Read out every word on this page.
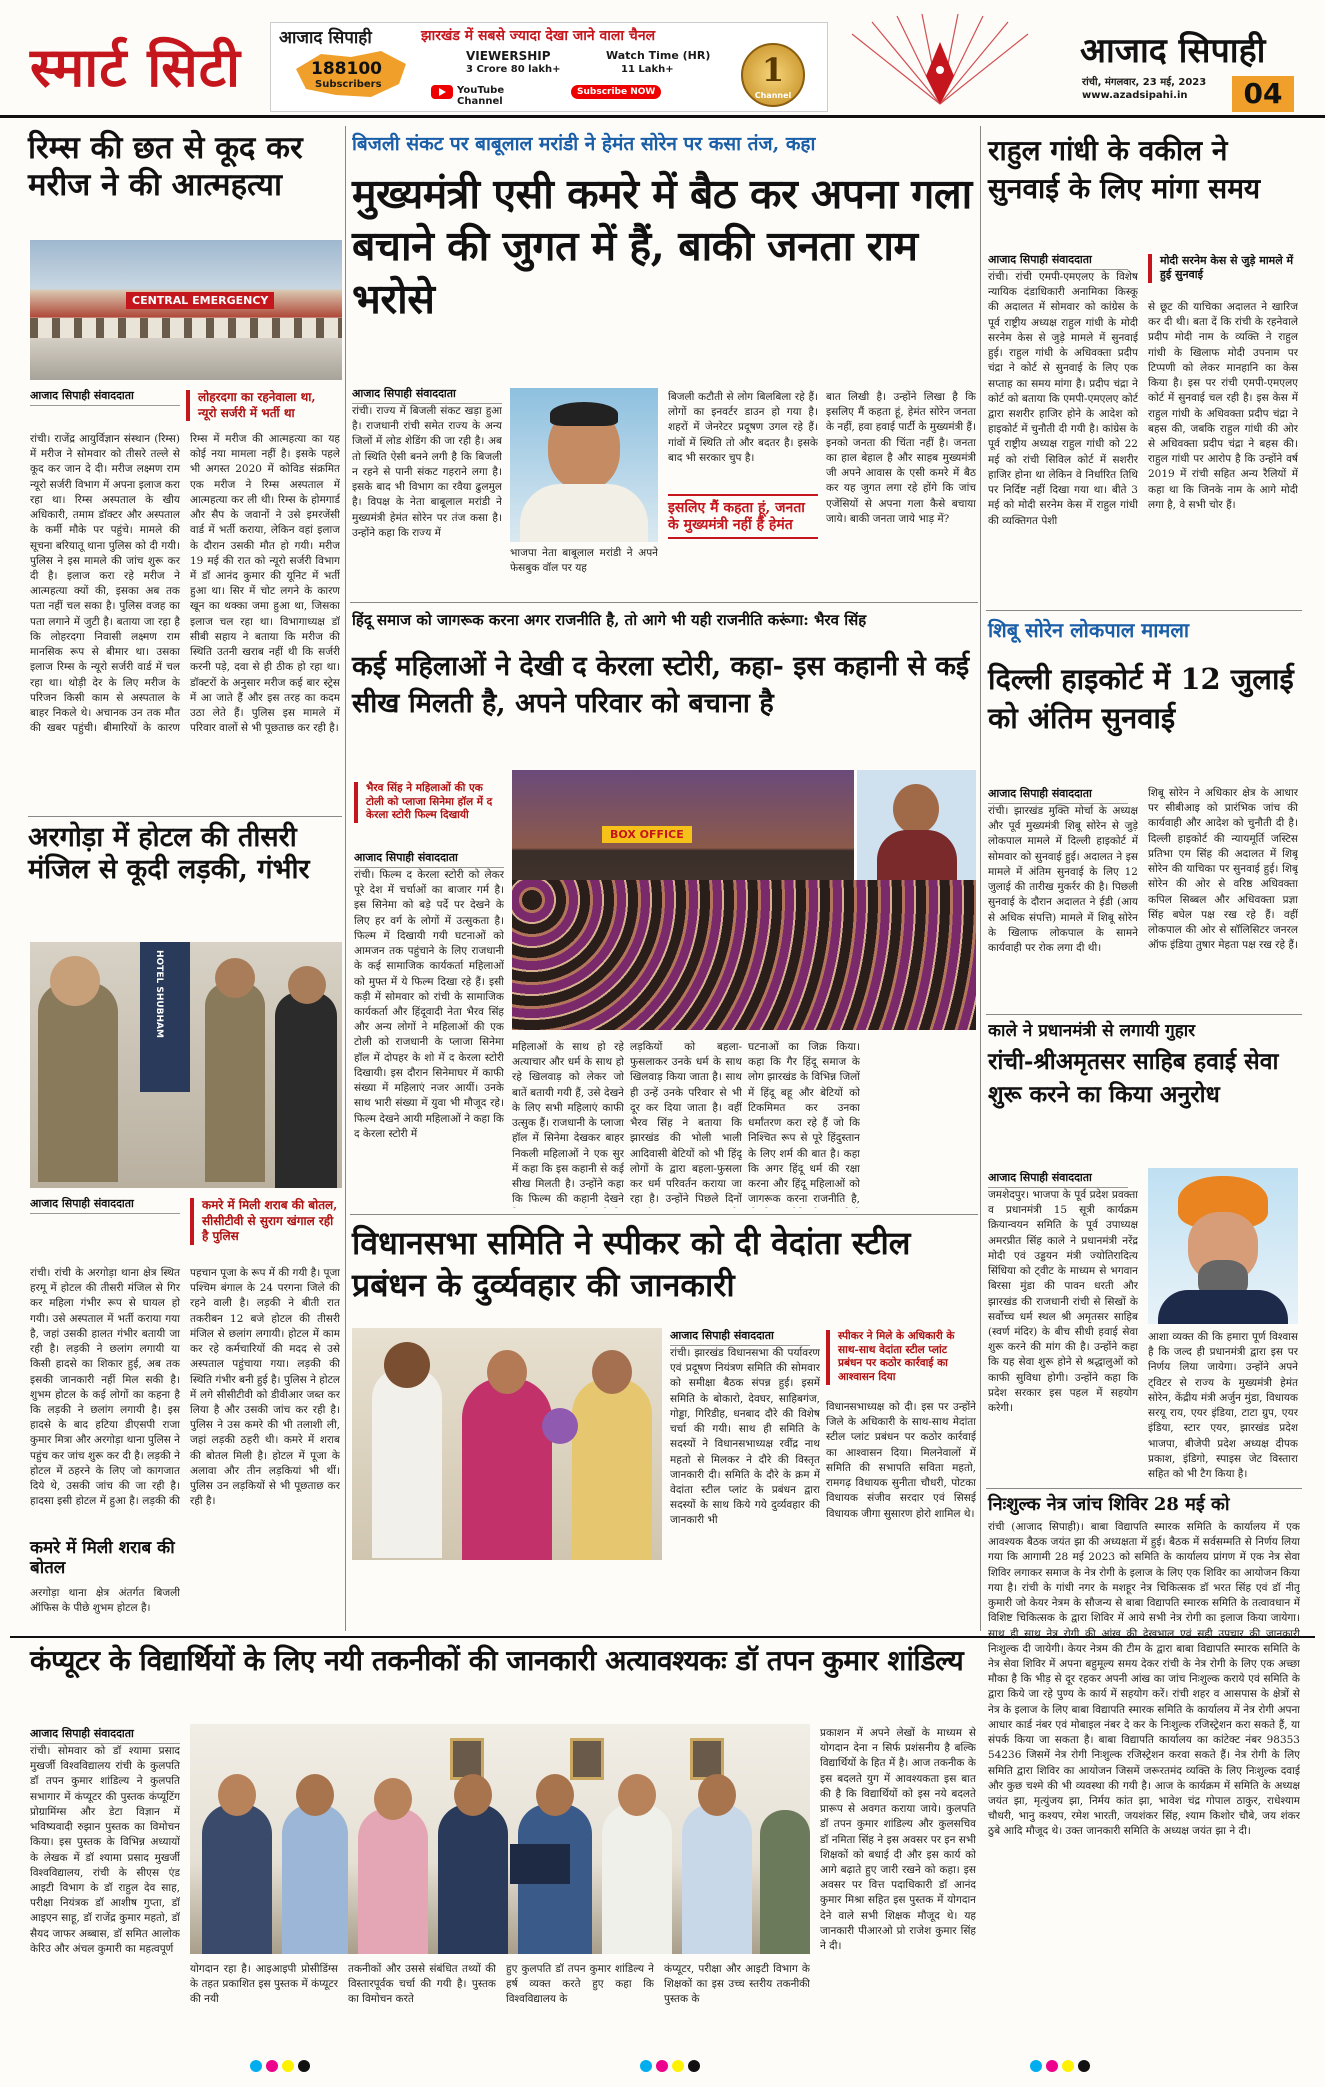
स्मार्ट सिटी आजाद सिपाही
188100
Subscribers
झारखंड में सबसे ज्यादा देखा जाने वाला चैनल
VIEWERSHIP
3 Crore 80 lakh+
Watch Time (HR)
11 Lakh+
YouTube Channel
Subscribe NOW
1
Channel
आजाद सिपाही
रांची, मंगलवार, 23 मई, 2023
www.azadsipahi.in	04
रिम्स की छत से कूद कर मरीज ने की आत्महत्या
CENTRAL EMERGENCY
आजाद सिपाही संवाददाता	लोहरदगा का रहनेवाला था, न्यूरो सर्जरी में भर्ती था

रांची। राजेंद्र आयुर्विज्ञान संस्थान (रिम्स) में मरीज ने सोमवार को तीसरे तल्ले से कूद कर जान दे दी। मरीज लक्ष्मण राम न्यूरो सर्जरी विभाग में अपना इलाज करा रहा था। रिम्स अस्पताल के खीय अधिकारी, तमाम डॉक्टर और अस्पताल के कर्मी मौके पर पहुंचे। मामले की सूचना बरियातू थाना पुलिस को दी गयी। पुलिस ने इस मामले की जांच शुरू कर दी है। इलाज करा रहे मरीज ने आत्महत्या क्यों की, इसका अब तक पता नहीं चल सका है। पुलिस वजह का पता लगाने में जुटी है। बताया जा रहा है कि लोहरदगा निवासी लक्ष्मण राम मानसिक रूप से बीमार था। उसका इलाज रिम्स के न्यूरो सर्जरी वार्ड में चल रहा था। थोड़ी देर के लिए मरीज के परिजन किसी काम से अस्पताल के बाहर निकले थे। अचानक उन तक मौत की खबर पहुंची। बीमारियों के कारण रिम्स में मरीज की आत्महत्या का यह कोई नया मामला नहीं है। इसके पहले भी अगस्त 2020 में कोविड संक्रमित एक मरीज ने रिम्स अस्पताल में आत्महत्या कर ली थी। रिम्स के होमगार्ड और सैप के जवानों ने उसे इमरजेंसी वार्ड में भर्ती कराया, लेकिन वहां इलाज के दौरान उसकी मौत हो गयी। मरीज 19 मई की रात को न्यूरो सर्जरी विभाग में डॉ आनंद कुमार की यूनिट में भर्ती हुआ था। सिर में चोट लगने के कारण खून का थक्का जमा हुआ था, जिसका इलाज चल रहा था। विभागाध्यक्ष डॉ सीबी सहाय ने बताया कि मरीज की स्थिति उतनी खराब नहीं थी कि सर्जरी करनी पड़े, दवा से ही ठीक हो रहा था। डॉक्टरों के अनुसार मरीज कई बार स्ट्रेस में आ जाते हैं और इस तरह का कदम उठा लेते हैं। पुलिस इस मामले में परिवार वालों से भी पूछताछ कर रही है।

अरगोड़ा में होटल की तीसरी मंजिल से कूदी लड़की, गंभीर
HOTEL SHUBHAM
आजाद सिपाही संवाददाता	कमरे में मिली शराब की बोतल, सीसीटीवी से सुराग खंगाल रही है पुलिस

रांची। रांची के अरगोड़ा थाना क्षेत्र स्थित हरमू में होटल की तीसरी मंजिल से गिर कर महिला गंभीर रूप से घायल हो गयी। उसे अस्पताल में भर्ती कराया गया है, जहां उसकी हालत गंभीर बतायी जा रही है। लड़की ने छलांग लगायी या किसी हादसे का शिकार हुई, अब तक इसकी जानकारी नहीं मिल सकी है। शुभम होटल के कई लोगों का कहना है कि लड़की ने छलांग लगायी है। इस हादसे के बाद हटिया डीएसपी राजा कुमार मित्रा और अरगोड़ा थाना पुलिस ने पहुंच कर जांच शुरू कर दी है। लड़की ने होटल में ठहरने के लिए जो कागजात दिये थे, उसकी जांच की जा रही है। हादसा इसी होटल में हुआ है। लड़की की पहचान पूजा के रूप में की गयी है। पूजा पश्चिम बंगाल के 24 परगना जिले की रहने वाली है। लड़की ने बीती रात तकरीबन 12 बजे होटल की तीसरी मंजिल से छलांग लगायी। होटल में काम कर रहे कर्मचारियों की मदद से उसे अस्पताल पहुंचाया गया। लड़की की स्थिति गंभीर बनी हुई है। पुलिस ने होटल में लगे सीसीटीवी को डीवीआर जब्त कर लिया है और उसकी जांच कर रही है। पुलिस ने उस कमरे की भी तलाशी ली, जहां लड़की ठहरी थी। कमरे में शराब की बोतल मिली है। होटल में पूजा के अलावा और तीन लड़कियां भी थीं। पुलिस उन लड़कियों से भी पूछताछ कर रही है।

कमरे में मिली शराब की बोतल

अरगोड़ा थाना क्षेत्र अंतर्गत बिजली ऑफिस के पीछे शुभम होटल है।

बिजली संकट पर बाबूलाल मरांडी ने हेमंत सोरेन पर कसा तंज, कहा
मुख्यमंत्री एसी कमरे में बैठ कर अपना गला बचाने की जुगत में हैं, बाकी जनता राम भरोसे
आजाद सिपाही संवाददाता

रांची। राज्य में बिजली संकट खड़ा हुआ है। राजधानी रांची समेत राज्य के अन्य जिलों में लोड शेडिंग की जा रही है। अब तो स्थिति ऐसी बनने लगी है कि बिजली न रहने से पानी संकट गहराने लगा है। इसके बाद भी विभाग का रवैया ढुलमुल है। विपक्ष के नेता बाबूलाल मरांडी ने मुख्यमंत्री हेमंत सोरेन पर तंज कसा है। उन्होंने कहा कि राज्य में

भाजपा नेता बाबूलाल मरांडी ने अपने फेसबुक वॉल पर यह

बिजली कटौती से लोग बिलबिला रहे हैं। लोगों का इनवर्टर डाउन हो गया है। शहरों में जेनरेटर प्रदूषण उगल रहे हैं। गांवों में स्थिति तो और बदतर है। इसके बाद भी सरकार चुप है।

इसलिए मैं कहता हूं, जनता के मुख्यमंत्री नहीं हैं हेमंत

बात लिखी है। उन्होंने लिखा है कि इसलिए मैं कहता हूं, हेमंत सोरेन जनता के नहीं, हवा हवाई पार्टी के मुख्यमंत्री हैं। इनको जनता की चिंता नहीं है। जनता का हाल बेहाल है और साहब मुख्यमंत्री जी अपने आवास के एसी कमरे में बैठ कर यह जुगत लगा रहे होंगे कि जांच एजेंसियों से अपना गला कैसे बचाया जाये। बाकी जनता जाये भाड़ में?

हिंदू समाज को जागरूक करना अगर राजनीति है, तो आगे भी यही राजनीति करूंगा: भैरव सिंह
कई महिलाओं ने देखी द केरला स्टोरी, कहा- इस कहानी से कई सीख मिलती है, अपने परिवार को बचाना है
भैरव सिंह ने महिलाओं की एक टोली को प्लाजा सिनेमा हॉल में द केरला स्टोरी फिल्म दिखायी
आजाद सिपाही संवाददाता

रांची। फिल्म द केरला स्टोरी को लेकर पूरे देश में चर्चाओं का बाजार गर्म है। इस सिनेमा को बड़े पर्दे पर देखने के लिए हर वर्ग के लोगों में उत्सुकता है। फिल्म में दिखायी गयी घटनाओं को आमजन तक पहुंचाने के लिए राजधानी के कई सामाजिक कार्यकर्ता महिलाओं को मुफ्त में ये फिल्म दिखा रहे हैं। इसी कड़ी में सोमवार को रांची के सामाजिक कार्यकर्ता और हिंदूवादी नेता भैरव सिंह और अन्य लोगों ने महिलाओं की एक टोली को राजधानी के प्लाजा सिनेमा हॉल में दोपहर के शो में द केरला स्टोरी दिखायी। इस दौरान सिनेमाघर में काफी संख्या में महिलाएं नजर आयीं। उनके साथ भारी संख्या में युवा भी मौजूद रहे। फिल्म देखने आयी महिलाओं ने कहा कि द केरला स्टोरी में

BOX OFFICE

महिलाओं के साथ हो रहे अत्याचार और धर्म के साथ हो रहे खिलवाड़ को लेकर जो बातें बतायी गयी हैं, उसे देखने के लिए सभी महिलाएं काफी उत्सुक हैं। राजधानी के प्लाजा हॉल में सिनेमा देखकर बाहर निकली महिलाओं ने एक सुर में कहा कि इस कहानी से कई सीख मिलती है। उन्होंने कहा कि फिल्म की कहानी देखने

लड़कियों को बहला-फुसलाकर उनके धर्म के साथ खिलवाड़ किया जाता है। साथ ही उन्हें उनके परिवार से भी दूर कर दिया जाता है। वहीं भैरव सिंह ने बताया कि झारखंड की भोली भाली आदिवासी बेटियों को भी हिंदू लोगों के द्वारा बहला-फुसला कर धर्म परिवर्तन कराया जा रहा है। उन्होंने पिछले दिनों

घटनाओं का जिक्र किया। कहा कि गैर हिंदू समाज के लोग झारखंड के विभिन्न जिलों में हिंदू बहू और बेटियों को टिकमिमत कर उनका धर्मांतरण करा रहे हैं जो कि निश्चित रूप से पूरे हिंदुस्तान के लिए शर्म की बात है। कहा कि अगर हिंदू धर्म की रक्षा करना और हिंदू महिलाओं को जागरूक करना राजनीति है,

विधानसभा समिति ने स्पीकर को दी वेदांता स्टील प्रबंधन के दुर्व्यवहार की जानकारी
आजाद सिपाही संवाददाता	स्पीकर ने मिले के अधिकारी के साथ-साथ वेदांता स्टील प्लांट प्रबंधन पर कठोर कार्रवाई का आश्वासन दिया

रांची। झारखंड विधानसभा की पर्यावरण एवं प्रदूषण नियंत्रण समिति की सोमवार को समीक्षा बैठक संपन्न हुई। इसमें समिति के बोकारो, देवघर, साहिबगंज, गोड्डा, गिरिडीह, धनबाद दौरे की विशेष चर्चा की गयी। साथ ही समिति के सदस्यों ने विधानसभाध्यक्ष रवींद्र नाथ महतो से मिलकर ने दौरे की विस्तृत जानकारी दी। समिति के दौरे के क्रम में वेदांता स्टील प्लांट के प्रबंधन द्वारा सदस्यों के साथ किये गये दुर्व्यवहार की जानकारी भी

विधानसभाध्यक्ष को दी। इस पर उन्होंने जिले के अधिकारी के साथ-साथ मेदांता स्टील प्लांट प्रबंधन पर कठोर कार्रवाई का आश्वासन दिया। मिलनेवालों में समिति की सभापति सविता महतो, रामगढ़ विधायक सुनीता चौधरी, पोटका विधायक संजीव सरदार एवं सिसई विधायक जीगा सुसारण होरो शामिल थे।

राहुल गांधी के वकील ने सुनवाई के लिए मांगा समय
आजाद सिपाही संवाददाता	मोदी सरनेम केस से जुड़े मामले में हुई सुनवाई

रांची। रांची एमपी-एमएलए के विशेष न्यायिक दंडाधिकारी अनामिका किस्कू की अदालत में सोमवार को कांग्रेस के पूर्व राष्ट्रीय अध्यक्ष राहुल गांधी के मोदी सरनेम केस से जुड़े मामले में सुनवाई हुई। राहुल गांधी के अधिवक्ता प्रदीप चंद्रा ने कोर्ट से सुनवाई के लिए एक सप्ताह का समय मांगा है। प्रदीप चंद्रा ने कोर्ट को बताया कि एमपी-एमएलए कोर्ट द्वारा सशरीर हाजिर होने के आदेश को हाइकोर्ट में चुनौती दी गयी है। कांग्रेस के पूर्व राष्ट्रीय अध्यक्ष राहुल गांधी को 22 मई को रांची सिविल कोर्ट में सशरीर हाजिर होना था लेकिन वे निर्धारित तिथि पर निर्दिष्ट नहीं दिखा गया था। बीते 3 मई को मोदी सरनेम केस में राहुल गांधी की व्यक्तिगत पेशी

से छूट की याचिका अदालत ने खारिज कर दी थी। बता दें कि रांची के रहनेवाले प्रदीप मोदी नाम के व्यक्ति ने राहुल गांधी के खिलाफ मोदी उपनाम पर टिप्पणी को लेकर मानहानि का केस किया है। इस पर रांची एमपी-एमएलए कोर्ट में सुनवाई चल रही है। इस केस में राहुल गांधी के अधिवक्ता प्रदीप चंद्रा ने बहस की, जबकि राहुल गांधी की ओर से अधिवक्ता प्रदीप चंद्रा ने बहस की। राहुल गांधी पर आरोप है कि उन्होंने वर्ष 2019 में रांची सहित अन्य रैलियों में कहा था कि जिनके नाम के आगे मोदी लगा है, वे सभी चोर हैं।

शिबू सोरेन लोकपाल मामला
दिल्ली हाइकोर्ट में 12 जुलाई को अंतिम सुनवाई
आजाद सिपाही संवाददाता

रांची। झारखंड मुक्ति मोर्चा के अध्यक्ष और पूर्व मुख्यमंत्री शिबू सोरेन से जुड़े लोकपाल मामले में दिल्ली हाइकोर्ट में सोमवार को सुनवाई हुई। अदालत ने इस मामले में अंतिम सुनवाई के लिए 12 जुलाई की तारीख मुकर्रर की है। पिछली सुनवाई के दौरान अदालत ने ईडी (आय से अधिक संपत्ति) मामले में शिबू सोरेन के खिलाफ लोकपाल के सामने कार्यवाही पर रोक लगा दी थी।

शिबू सोरेन ने अधिकार क्षेत्र के आधार पर सीबीआइ को प्रारंभिक जांच की कार्यवाही और आदेश को चुनौती दी है। दिल्ली हाइकोर्ट की न्यायमूर्ति जस्टिस प्रतिभा एम सिंह की अदालत में शिबू सोरेन की याचिका पर सुनवाई हुई। शिबू सोरेन की ओर से वरिष्ठ अधिवक्ता कपिल सिब्बल और अधिवक्ता प्रज्ञा सिंह बघेल पक्ष रख रहे हैं। वहीं लोकपाल की ओर से सॉलिसिटर जनरल ऑफ इंडिया तुषार मेहता पक्ष रख रहे हैं।

काले ने प्रधानमंत्री से लगायी गुहार
रांची-श्रीअमृतसर साहिब हवाई सेवा शुरू करने का किया अनुरोध
आजाद सिपाही संवाददाता

जमशेदपुर। भाजपा के पूर्व प्रदेश प्रवक्ता व प्रधानमंत्री 15 सूत्री कार्यक्रम क्रियान्वयन समिति के पूर्व उपाध्यक्ष अमरप्रीत सिंह काले ने प्रधानमंत्री नरेंद्र मोदी एवं उड्डयन मंत्री ज्योतिरादित्य सिंधिया को ट्वीट के माध्यम से भगवान बिरसा मुंडा की पावन धरती और झारखंड की राजधानी रांची से सिखों के सर्वोच्च धर्म स्थल श्री अमृतसर साहिब (स्वर्ण मंदिर) के बीच सीधी हवाई सेवा शुरू करने की मांग की है। उन्होंने कहा कि यह सेवा शुरू होने से श्रद्धालुओं को काफी सुविधा होगी। उन्होंने कहा कि प्रदेश सरकार इस पहल में सहयोग करेगी।

आशा व्यक्त की कि हमारा पूर्ण विश्वास है कि जल्द ही प्रधानमंत्री द्वारा इस पर निर्णय लिया जायेगा। उन्होंने अपने ट्विटर से राज्य के मुख्यमंत्री हेमंत सोरेन, केंद्रीय मंत्री अर्जुन मुंडा, विधायक सरयू राय, एयर इंडिया, टाटा ग्रुप, एयर इंडिया, स्टार एयर, झारखंड प्रदेश भाजपा, बीजेपी प्रदेश अध्यक्ष दीपक प्रकाश, इंडिगो, स्पाइस जेट विस्तारा सहित को भी टैग किया है।

निःशुल्क नेत्र जांच शिविर 28 मई को

रांची (आजाद सिपाही)। बाबा विद्यापति स्मारक समिति के कार्यालय में एक आवश्यक बैठक जयंत झा की अध्यक्षता में हुई। बैठक में सर्वसम्मति से निर्णय लिया गया कि आगामी 28 मई 2023 को समिति के कार्यालय प्रांगण में एक नेत्र सेवा शिविर लगाकर समाज के नेत्र रोगी के इलाज के लिए एक शिविर का आयोजन किया गया है। रांची के गांधी नगर के मशहूर नेत्र चिकित्सक डॉ भरत सिंह एवं डॉ नीतू कुमारी जो केयर नेत्रम के सौजन्य से बाबा विद्यापति स्मारक समिति के तत्वावधान में विशिष्ट चिकित्सक के द्वारा शिविर में आये सभी नेत्र रोगी का इलाज किया जायेगा। साथ ही साथ नेत्र रोगी की आंख की देखभाल एवं सही उपचार की जानकारी निःशुल्क दी जायेगी। केयर नेत्रम की टीम के द्वारा बाबा विद्यापति स्मारक समिति के नेत्र सेवा शिविर में अपना बहुमूल्य समय देकर रांची के नेत्र रोगी के लिए एक अच्छा मौका है कि भीड़ से दूर रहकर अपनी आंख का जांच निःशुल्क कराये एवं समिति के द्वारा किये जा रहे पुण्य के कार्य में सहयोग करें। रांची शहर व आसपास के क्षेत्रों से नेत्र के इलाज के लिए बाबा विद्यापति स्मारक समिति के कार्यालय में नेत्र रोगी अपना आधार कार्ड नंबर एवं मोबाइल नंबर दे कर के निःशुल्क रजिस्ट्रेशन करा सकते हैं, या संपर्क किया जा सकता है। बाबा विद्यापति कार्यालय का कांटेक्ट नंबर 98353 54236 जिसमें नेत्र रोगी निःशुल्क रजिस्ट्रेशन करवा सकते हैं। नेत्र रोगी के लिए समिति द्वारा शिविर का आयोजन जिसमें जरूरतमंद व्यक्ति के लिए निःशुल्क दवाई और कुछ चश्मे की भी व्यवस्था की गयी है। आज के कार्यक्रम में समिति के अध्यक्ष जयंत झा, मृत्युंजय झा, निर्मय कांत झा, भावेश चंद्र गोपाल ठाकुर, राधेश्याम चौधरी, भानु कश्यप, रमेश भारती, जयशंकर सिंह, श्याम किशोर चौबे, जय शंकर ठुबे आदि मौजूद थे। उक्त जानकारी समिति के अध्यक्ष जयंत झा ने दी।

कंप्यूटर के विद्यार्थियों के लिए नयी तकनीकों की जानकारी अत्यावश्यकः डॉ तपन कुमार शांडिल्य
आजाद सिपाही संवाददाता

रांची। सोमवार को डॉ श्यामा प्रसाद मुखर्जी विश्वविद्यालय रांची के कुलपति डॉ तपन कुमार शांडिल्य ने कुलपति सभागार में कंप्यूटर की पुस्तक कंप्यूटिंग प्रोग्रामिंग्स और डेटा विज्ञान में भविष्यवादी रुझान पुस्तक का विमोचन किया। इस पुस्तक के विभिन्न अध्यायों के लेखक में डॉ श्यामा प्रसाद मुखर्जी विश्वविद्यालय, रांची के सीएस एंड आइटी विभाग के डॉ राहुल देव साह, परीक्षा नियंत्रक डॉ आशीष गुप्ता, डॉ आइएन साहू, डॉ राजेंद्र कुमार महतो, डॉ सैयद जाफर अब्बास, डॉ समित आलोक केरिउ और अंचल कुमारी का महत्वपूर्ण

योगदान रहा है। आइआइपी प्रोसीडिंग्स के तहत प्रकाशित इस पुस्तक में कंप्यूटर की नयी

तकनीकों और उससे संबंधित तथ्यों की विस्तारपूर्वक चर्चा की गयी है। पुस्तक का विमोचन करते

हुए कुलपति डॉ तपन कुमार शांडिल्य ने हर्ष व्यक्त करते हुए कहा कि विश्वविद्यालय के

कंप्यूटर, परीक्षा और आइटी विभाग के शिक्षकों का इस उच्च स्तरीय तकनीकी पुस्तक के

प्रकाशन में अपने लेखों के माध्यम से योगदान देना न सिर्फ प्रशंसनीय है बल्कि विद्यार्थियों के हित में है। आज तकनीक के इस बदलते युग में आवश्यकता इस बात की है कि विद्यार्थियों को इस नये बदलते प्रारूप से अवगत कराया जाये। कुलपति डॉ तपन कुमार शांडिल्य और कुलसचिव डॉ नमिता सिंह ने इस अवसर पर इन सभी शिक्षकों को बधाई दी और इस कार्य को आगे बढ़ाते हुए जारी रखने को कहा। इस अवसर पर वित्त पदाधिकारी डॉ आनंद कुमार मिश्रा सहित इस पुस्तक में योगदान देने वाले सभी शिक्षक मौजूद थे। यह जानकारी पीआरओ प्रो राजेश कुमार सिंह ने दी।
